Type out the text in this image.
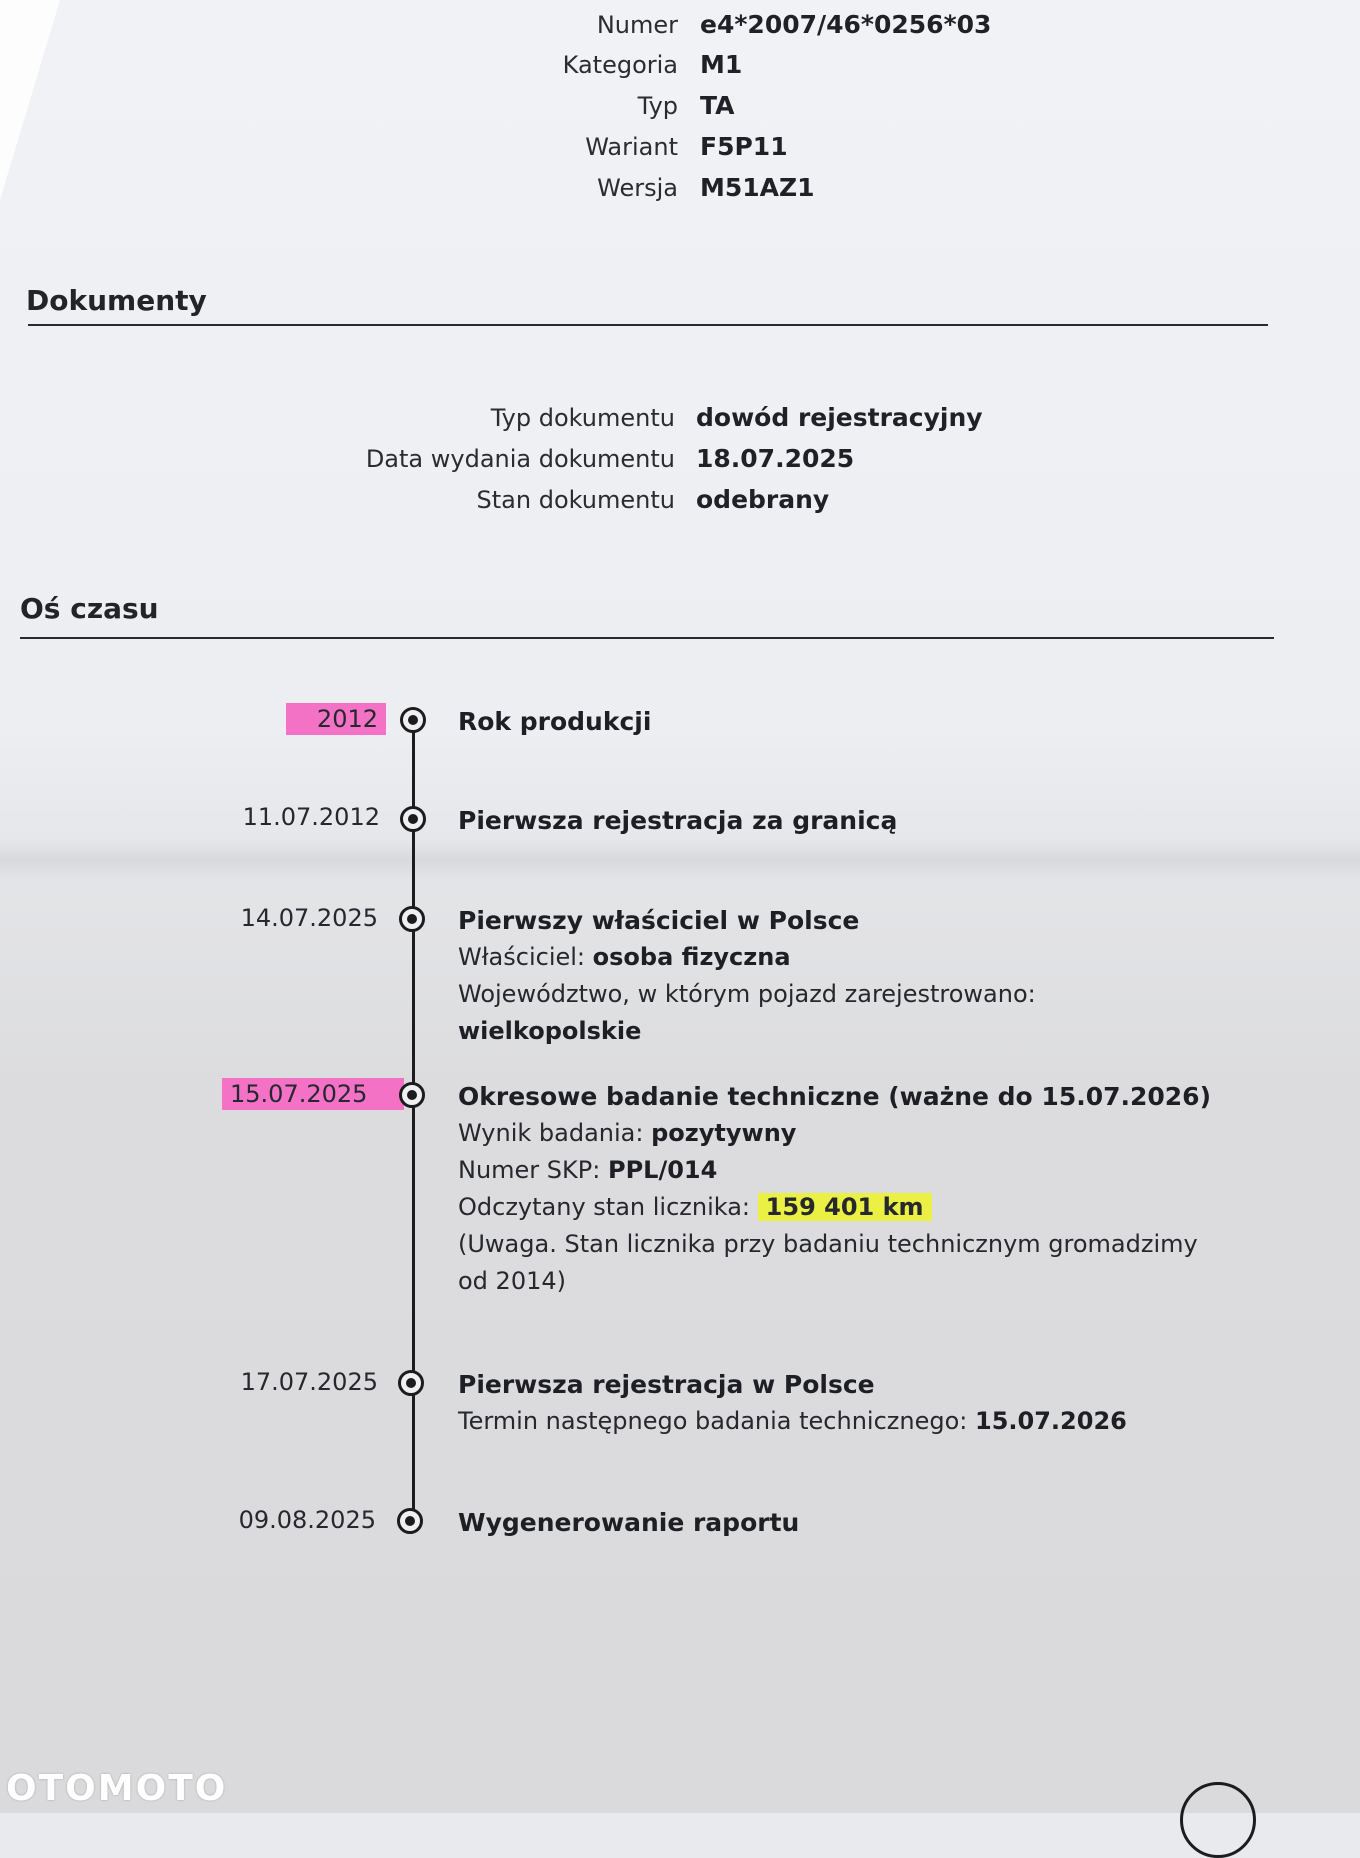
Numer e4*2007/46*0256*03
Kategoria M1
Typ TA
Wariant F5P11
Wersja M51AZ1
Dokumenty
Typ dokumentu dowód rejestracyjny
Data wydania dokumentu 18.07.2025
Stan dokumentu odebrany
Oś czasu
2012	Rok produkcji
11.07.2012	Pierwsza rejestracja za granicą
14.07.2025	Pierwszy właściciel w Polsce
Właściciel: osoba fizyczna
Województwo, w którym pojazd zarejestrowano: wielkopolskie
15.07.2025	Okresowe badanie techniczne (ważne do 15.07.2026)
Wynik badania: pozytywny
Numer SKP: PPL/014
Odczytany stan licznika: 159 401 km
(Uwaga. Stan licznika przy badaniu technicznym gromadzimy od 2014)
17.07.2025	Pierwsza rejestracja w Polsce
Termin następnego badania technicznego: 15.07.2026
09.08.2025	Wygenerowanie raportu
OTOMOTO
